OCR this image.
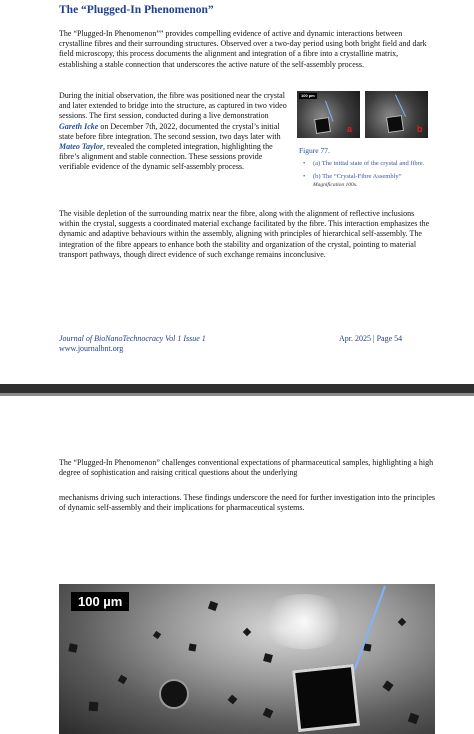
The “Plugged-In Phenomenon”

The “Plugged-In Phenomenon”” provides compelling evidence of active and dynamic interactions between crystalline fibres and their surrounding structures. Observed over a two-day period using both bright field and dark field microscopy, this process documents the alignment and integration of a fibre into a crystalline matrix, establishing a stable connection that underscores the active nature of the self-assembly process.

During the initial observation, the fibre was positioned near the crystal and later extended to bridge into the structure, as captured in two video sessions. The first session, conducted during a live demonstration Gareth Icke on December 7th, 2022, documented the crystal’s initial state before fibre integration. The second session, two days later with Mateo Taylor, revealed the completed integration, highlighting the fibre’s alignment and stable connection. These sessions provide verifiable evidence of the dynamic self-assembly process.

100 µm
a	b
Figure 77.
• (a) The initial state of the crystal and fibre.
• (b) The “Crystal-Fibre Assembly”
Magnification 100x.

The visible depletion of the surrounding matrix near the fibre, along with the alignment of reflective inclusions within the crystal, suggests a coordinated material exchange facilitated by the fibre. This interaction emphasizes the dynamic and adaptive behaviours within the assembly, aligning with principles of hierarchical self-assembly. The integration of the fibre appears to enhance both the stability and organization of the crystal, pointing to material transport pathways, though direct evidence of such exchange remains inconclusive.

Journal of BioNanoTechnocracy Vol 1 Issue 1
www.journalbnt.org
Apr. 2025 | Page 54

The “Plugged-In Phenomenon” challenges conventional expectations of pharmaceutical samples, highlighting a high degree of sophistication and raising critical questions about the underlying

mechanisms driving such interactions. These findings underscore the need for further investigation into the principles of dynamic self-assembly and their implications for pharmaceutical systems.

100 µm
